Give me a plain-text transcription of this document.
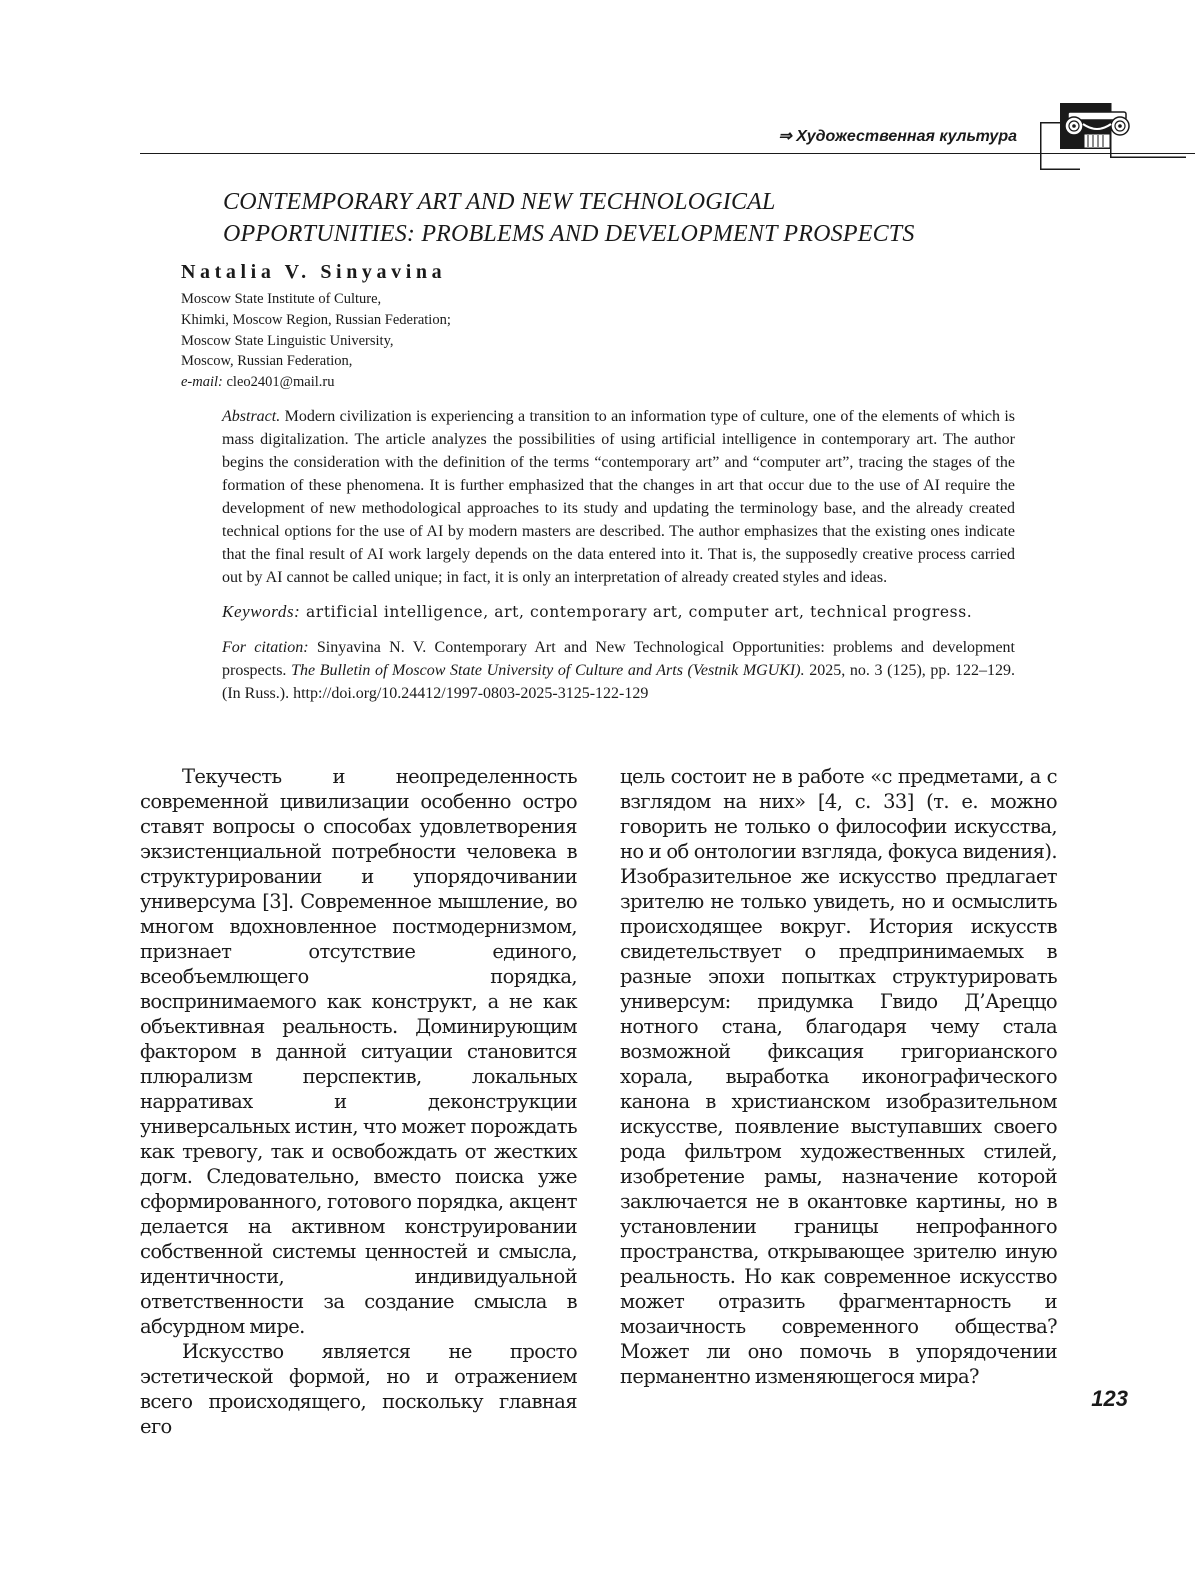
⇒ Художественная культура
CONTEMPORARY ART AND NEW TECHNOLOGICAL
OPPORTUNITIES: PROBLEMS AND DEVELOPMENT PROSPECTS
Natalia V. Sinyavina
Moscow State Institute of Culture,
Khimki, Moscow Region, Russian Federation;
Moscow State Linguistic University,
Moscow, Russian Federation,
e-mail: cleo2401@mail.ru

Abstract. Modern civilization is experiencing a transition to an information type of culture, one of the elements of which is mass digitalization. The article analyzes the possibilities of using artificial intelligence in contemporary art. The author begins the consideration with the definition of the terms “contemporary art” and “computer art”, tracing the stages of the formation of these phenomena. It is further emphasized that the changes in art that occur due to the use of AI require the development of new methodological approaches to its study and updating the terminology base, and the already created technical options for the use of AI by modern masters are described. The author emphasizes that the existing ones indicate that the final result of AI work largely depends on the data entered into it. That is, the supposedly creative process carried out by AI cannot be called unique; in fact, it is only an interpretation of already created styles and ideas.

Keywords: artificial intelligence, art, contemporary art, computer art, technical progress.

For citation: Sinyavina N. V. Contemporary Art and New Technological Opportunities: problems and development prospects. The Bulletin of Moscow State University of Culture and Arts (Vestnik MGUKI). 2025, no. 3 (125), pp. 122–129. (In Russ.). http://doi.org/10.24412/1997-0803-2025-3125-122-129

Текучесть и неопределенность современной цивилизации особенно остро ставят вопросы о способах удовлетворения экзистенциальной потребности человека в структурировании и упорядочивании универсума [3]. Современное мышление, во многом вдохновленное постмодернизмом, признает отсутствие единого, всеобъемлющего порядка, воспринимаемого как конструкт, а не как объективная реальность. Доминирующим фактором в данной ситуации становится плюрализм перспектив, локальных нарративах и деконструкции универсальных истин, что может порождать как тревогу, так и освобождать от жестких догм. Следовательно, вместо поиска уже сформированного, готового порядка, акцент делается на активном конструировании собственной системы ценностей и смысла, идентичности, индивидуальной ответственности за создание смысла в абсурдном мире.

Искусство является не просто эстетической формой, но и отражением всего происходящего, поскольку главная его

цель состоит не в работе «с предметами, а с взглядом на них» [4, с. 33] (т. е. можно говорить не только о философии искусства, но и об онтологии взгляда, фокуса видения). Изобразительное же искусство предлагает зрителю не только увидеть, но и осмыслить происходящее вокруг. История искусств свидетельствует о предпринимаемых в разные эпохи попытках структурировать универсум: придумка Гвидо Д’Ареццо нотного стана, благодаря чему стала возможной фиксация григорианского хорала, выработка иконографического канона в христианском изобразительном искусстве, появление выступавших своего рода фильтром художественных стилей, изобретение рамы, назначение которой заключается не в окантовке картины, но в установлении границы непрофанного пространства, открывающее зрителю иную реальность. Но как современное искусство может отразить фрагментарность и мозаичность современного общества? Может ли оно помочь в упорядочении перманентно изменяющегося мира?

123
